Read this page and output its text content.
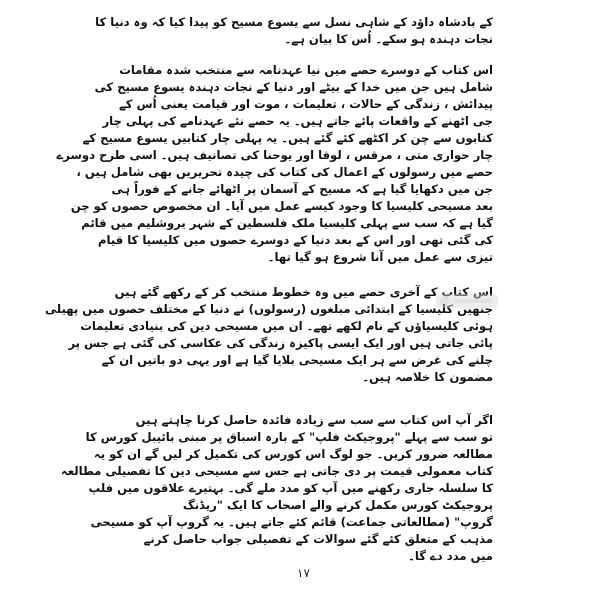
کے بادشاہ داؤد کے شاہی نسل سے یسوع مسیح کو پیدا کیا کہ وہ دنیا کا
نجات دہندہ ہو سکے۔ اُس کا بیان ہے۔
اس کتاب کے دوسرے حصے میں نیا عہدنامہ سے منتخب شدہ مقامات
شامل ہیں جن میں خدا کے بیٹے اور دنیا کے نجات دہندہ یسوع مسیح کی
پیدائش ، زندگی کے حالات ، تعلیمات ، موت اور قیامت یعنی اُس کے
جی اٹھنے کے واقعات پائے جاتے ہیں۔ یہ حصے نئے عہدنامے کی پہلی چار
کتابوں سے چن کر اکٹھے کئے گئے ہیں۔ یہ پہلی چار کتابیں یسوع مسیح کے
چار حواری متی ، مرقس ، لوقا اور یوحنا کی تصانیف ہیں۔ اسی طرح دوسرے
حصے میں رسولوں کے اعمال کی کتاب کی چیدہ تحریریں بھی شامل ہیں ،
جن میں دکھایا گیا ہے کہ مسیح کے آسمان پر اٹھائے جانے کے فوراً ہی
بعد مسیحی کلیسیا کا وجود کیسے عمل میں آیا۔ ان مخصوص حصوں کو چن
گیا ہے کہ سب سے پہلی کلیسیا ملک فلسطین کے شہر یروشلیم میں قائم
کی گئی تھی اور اس کے بعد دنیا کے دوسرے حصوں میں کلیسیا کا قیام
تیزی سے عمل میں آنا شروع ہو گیا تھا۔
اس کتاب کے آخری حصے میں وہ خطوط منتخب کر کے رکھے گئے ہیں
جنھیں کلیسیا کے ابتدائی مبلغوں (رسولوں) نے دنیا کے مختلف حصوں میں پھیلی
ہوئی کلیسیاؤں کے نام لکھے تھے۔ ان میں مسیحی دین کی بنیادی تعلیمات
پائی جاتی ہیں اور ایک ایسی پاکیزہ زندگی کی عکاسی کی گئی ہے جس پر
چلنے کی غرض سے ہر ایک مسیحی بلایا گیا ہے اور یہی دو باتیں ان کے
مضمون کا خلاصہ ہیں۔
اگر آپ اس کتاب سے سب سے زیادہ فائدہ حاصل کرنا چاہتے ہیں
تو سب سے پہلے "پروجیکٹ فلپ" کے بارہ اسباق پر مبنی بائیبل کورس کا
مطالعہ ضرور کریں۔ جو لوگ اس کورس کی تکمیل کر لیں گے ان کو یہ
کتاب معمولی قیمت پر دی جاتی ہے جس سے مسیحی دین کا تفصیلی مطالعہ
کا سلسلہ جاری رکھنے میں آپ کو مدد ملے گی۔ بہتیرے علاقوں میں فلپ
پروجیکٹ کورس مکمل کرنے والے اصحاب کا ایک "ریڈنگ
گروپ" (مطالعاتی جماعت) قائم کئے جاتے ہیں۔ یہ گروپ آپ کو مسیحی
مذہب کے متعلق کئے گئے سوالات کے تفصیلی جواب حاصل کرنے
میں مدد دے گا۔
۱۷
